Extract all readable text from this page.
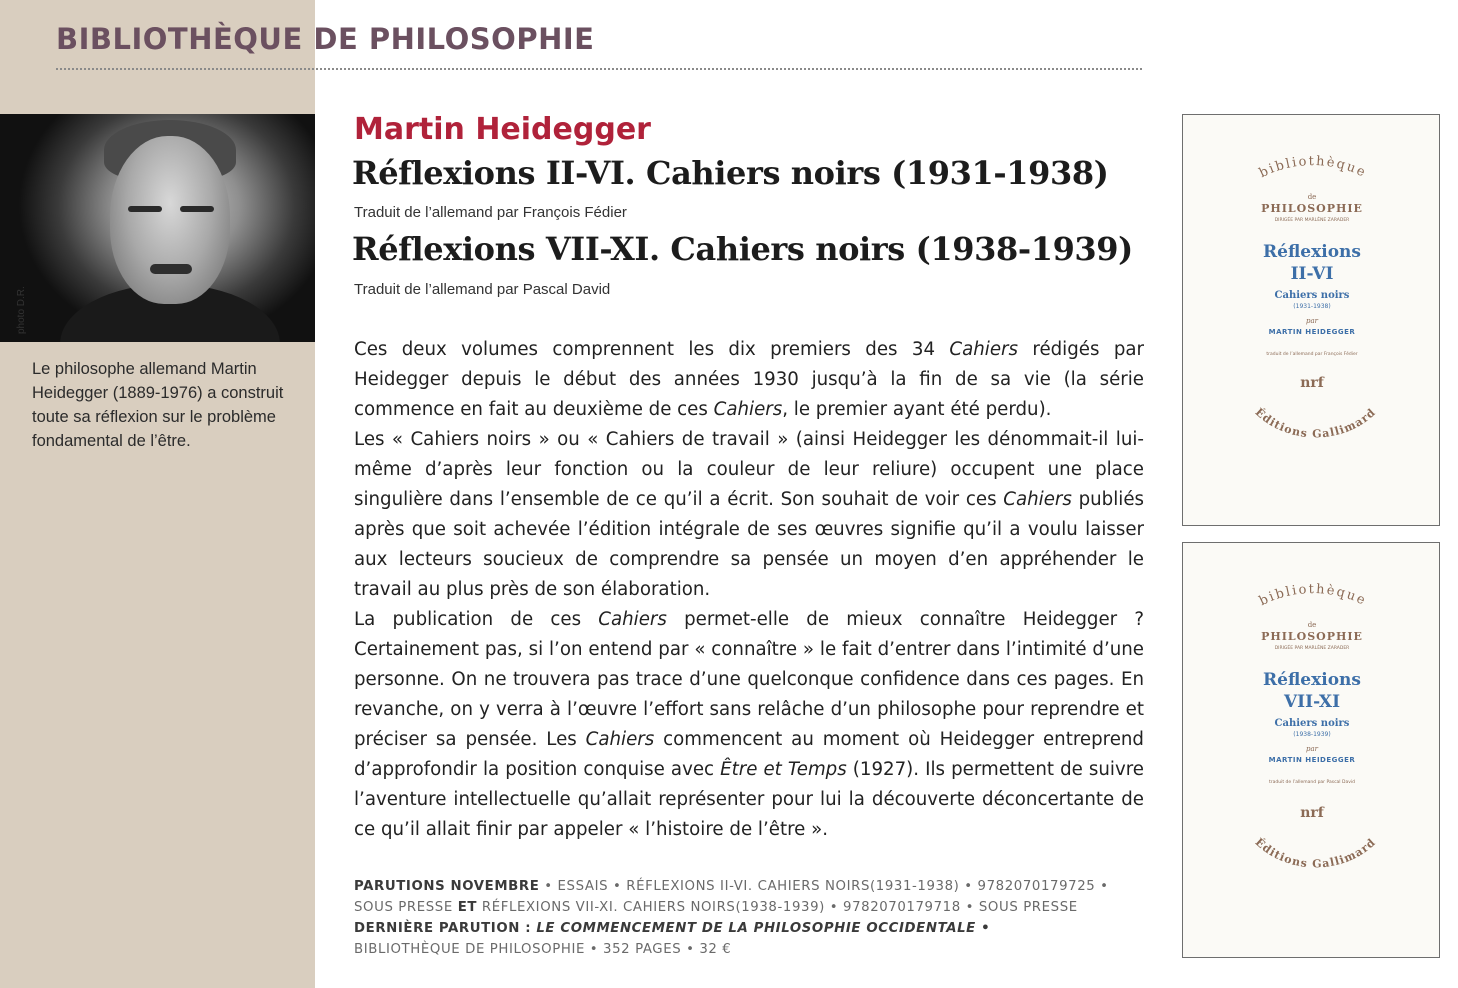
BIBLIOTHÈQUE DE PHILOSOPHIE
photo D.R.

Le philosophe allemand Martin Heidegger (1889-1976) a construit toute sa réflexion sur le problème fondamental de l’être.

Martin Heidegger
Réflexions II-VI. Cahiers noirs (1931-1938)

Traduit de l’allemand par François Fédier

Réflexions VII-XI. Cahiers noirs (1938-1939)

Traduit de l’allemand par Pascal David

Ces deux volumes comprennent les dix premiers des 34 Cahiers rédigés par Heidegger depuis le début des années 1930 jusqu’à la fin de sa vie (la série commence en fait au deuxième de ces Cahiers, le premier ayant été perdu).

Les « Cahiers noirs » ou « Cahiers de travail » (ainsi Heidegger les dénommait-il lui-même d’après leur fonction ou la couleur de leur reliure) occupent une place singulière dans l’ensemble de ce qu’il a écrit. Son souhait de voir ces Cahiers publiés après que soit achevée l’édition intégrale de ses œuvres signifie qu’il a voulu laisser aux lecteurs soucieux de comprendre sa pensée un moyen d’en appréhender le travail au plus près de son élaboration.

La publication de ces Cahiers permet-elle de mieux connaître Heidegger ? Certainement pas, si l’on entend par « connaître » le fait d’entrer dans l’intimité d’une personne. On ne trouvera pas trace d’une quelconque confidence dans ces pages. En revanche, on y verra à l’œuvre l’effort sans relâche d’un philosophe pour reprendre et préciser sa pensée. Les Cahiers commencent au moment où Heidegger entreprend d’approfondir la position conquise avec Être et Temps (1927). Ils permettent de suivre l’aventure intellectuelle qu’allait représenter pour lui la découverte déconcertante de ce qu’il allait finir par appeler « l’histoire de l’être ».

PARUTIONS NOVEMBRE • ESSAIS • RÉFLEXIONS II-VI. CAHIERS NOIRS(1931-1938) • 9782070179725 • SOUS PRESSE ET RÉFLEXIONS VII-XI. CAHIERS NOIRS(1938-1939) • 9782070179718 • SOUS PRESSE
DERNIÈRE PARUTION : LE COMMENCEMENT DE LA PHILOSOPHIE OCCIDENTALE •
BIBLIOTHÈQUE DE PHILOSOPHIE • 352 PAGES • 32 €
bibliothèque
de
PHILOSOPHIE
DIRIGÉE PAR MARLÈNE ZARADER
Réflexions
II-VI
Cahiers noirs
(1931-1938)
par
MARTIN HEIDEGGER
traduit de l’allemand par François Fédier
nrf
Éditions Gallimard
bibliothèque
de
PHILOSOPHIE
DIRIGÉE PAR MARLÈNE ZARADER
Réflexions
VII-XI
Cahiers noirs
(1938-1939)
par
MARTIN HEIDEGGER
traduit de l’allemand par Pascal David
nrf
Éditions Gallimard
